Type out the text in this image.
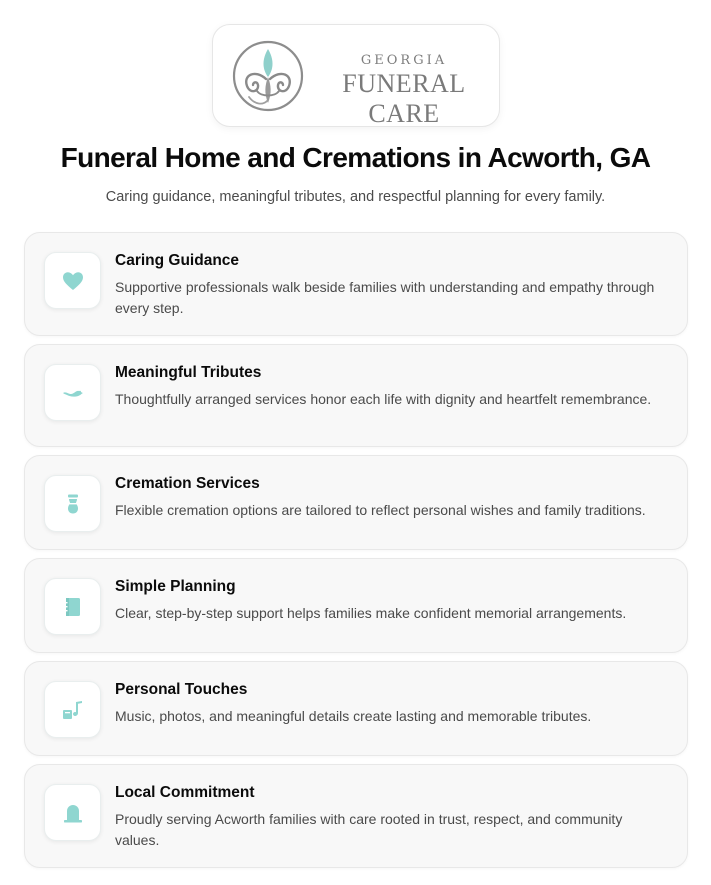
GEORGIA
FUNERAL CARE
Funeral Home and Cremations in Acworth, GA

Caring guidance, meaningful tributes, and respectful planning for every family.

Caring Guidance
Supportive professionals walk beside families with understanding and empathy through every step.
Meaningful Tributes
Thoughtfully arranged services honor each life with dignity and heartfelt remembrance.
Cremation Services
Flexible cremation options are tailored to reflect personal wishes and family traditions.
Simple Planning
Clear, step-by-step support helps families make confident memorial arrangements.
Personal Touches
Music, photos, and meaningful details create lasting and memorable tributes.
Local Commitment
Proudly serving Acworth families with care rooted in trust, respect, and community values.
